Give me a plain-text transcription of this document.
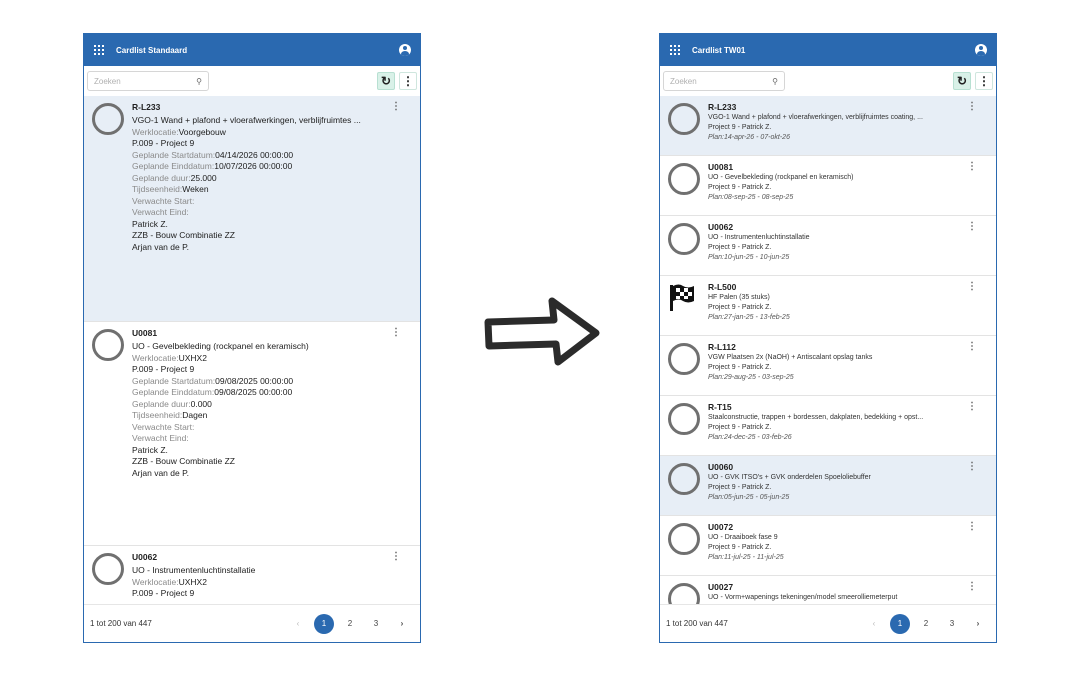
Cardlist Standaard
Zoeken
⚲	↻ ⋮
⋮
R-L233
VGO-1 Wand + plafond + vloerafwerkingen, verblijfruimtes ...
Werklocatie:Voorgebouw
P.009 - Project 9
Geplande Startdatum:04/14/2026 00:00:00
Geplande Einddatum:10/07/2026 00:00:00
Geplande duur:25.000
Tijdseenheid:Weken
Verwachte Start:
Verwacht Eind:
Patrick Z.
ZZB - Bouw Combinatie ZZ
Arjan van de P.
⋮
U0081
UO - Gevelbekleding (rockpanel en keramisch)
Werklocatie:UXHX2
P.009 - Project 9
Geplande Startdatum:09/08/2025 00:00:00
Geplande Einddatum:09/08/2025 00:00:00
Geplande duur:0.000
Tijdseenheid:Dagen
Verwachte Start:
Verwacht Eind:
Patrick Z.
ZZB - Bouw Combinatie ZZ
Arjan van de P.
⋮
U0062
UO - Instrumentenluchtinstallatie
Werklocatie:UXHX2
P.009 - Project 9
1 tot 200 van 447	‹	1	2	3	›
Cardlist TW01
Zoeken
⚲	↻ ⋮
⋮
R-L233
VGO-1 Wand + plafond + vloerafwerkingen, verblijfruimtes coating, ...
Project 9 - Patrick Z.
Plan:14-apr-26 - 07-okt-26
⋮
U0081
UO - Gevelbekleding (rockpanel en keramisch)
Project 9 - Patrick Z.
Plan:08-sep-25 - 08-sep-25
⋮
U0062
UO - Instrumentenluchtinstallatie
Project 9 - Patrick Z.
Plan:10-jun-25 - 10-jun-25
⋮
R-L500
HF Palen (35 stuks)
Project 9 - Patrick Z.
Plan:27-jan-25 - 13-feb-25
⋮
R-L112
VGW Plaatsen 2x (NaOH) + Antiscalant opslag tanks
Project 9 - Patrick Z.
Plan:29-aug-25 - 03-sep-25
⋮
R-T15
Staalconstructie, trappen + bordessen, dakplaten, bedekking + opst...
Project 9 - Patrick Z.
Plan:24-dec-25 - 03-feb-26
⋮
U0060
UO - GVK ITSO's + GVK onderdelen Spoeloliebuffer
Project 9 - Patrick Z.
Plan:05-jun-25 - 05-jun-25
⋮
U0072
UO - Draaiboek fase 9
Project 9 - Patrick Z.
Plan:11-jul-25 - 11-jul-25
⋮
U0027
UO - Vorm+wapenings tekeningen/model smeerolliemeterput
1 tot 200 van 447	‹	1	2	3	›
